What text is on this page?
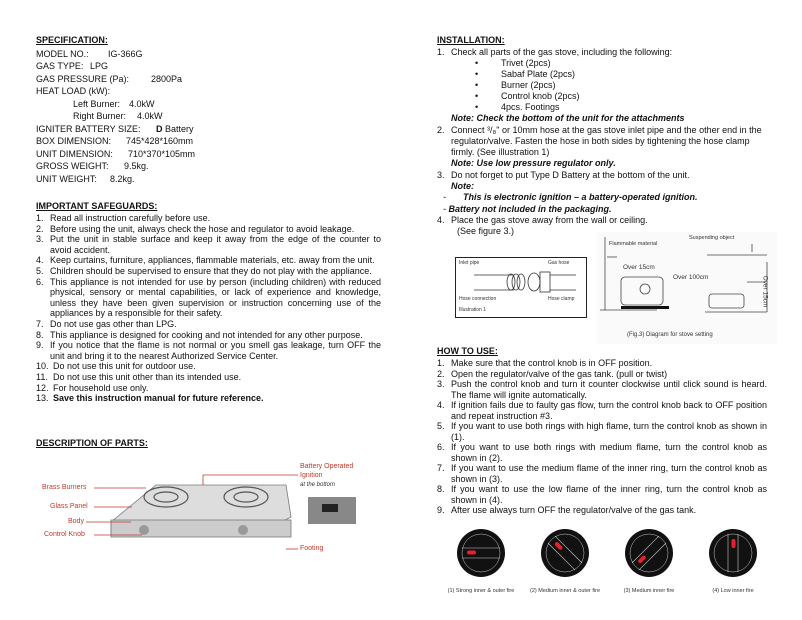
SPECIFICATION:
MODEL NO.: IG-366G
GAS TYPE: LPG
GAS PRESSURE (Pa): 2800Pa
HEAT LOAD (kW):
Left Burner: 4.0kW
Right Burner: 4.0kW
IGNITER BATTERY SIZE: D Battery
BOX DIMENSION: 745*428*160mm
UNIT DIMENSION: 710*370*105mm
GROSS WEIGHT: 9.5kg.
UNIT WEIGHT: 8.2kg.
IMPORTANT SAFEGUARDS:
1. Read all instruction carefully before use.
2. Before using the unit, always check the hose and regulator to avoid leakage.
3. Put the unit in stable surface and keep it away from the edge of the counter to avoid accident.
4. Keep curtains, furniture, appliances, flammable materials, etc. away from the unit.
5. Children should be supervised to ensure that they do not play with the appliance.
6. This appliance is not intended for use by person (including children) with reduced physical, sensory or mental capabilities, or lack of experience and knowledge, unless they have been given supervision or instruction concerning use of the appliances by a responsible for their safety.
7. Do not use gas other than LPG.
8. This appliance is designed for cooking and not intended for any other purpose.
9. If you notice that the flame is not normal or you smell gas leakage, turn OFF the unit and bring it to the nearest Authorized Service Center.
10. Do not use this unit for outdoor use.
11. Do not use this unit other than its intended use.
12. For household use only.
13. Save this instruction manual for future reference.
DESCRIPTION OF PARTS:
Brass Burners
Glass Panel
Body
Control Knob
Battery Operated
Ignition
at the bottom
Footing
INSTALLATION:
1. Check all parts of the gas stove, including the following:
•	Trivet (2pcs)
•	Sabaf Plate (2pcs)
•	Burner (2pcs)
•	Control knob (2pcs)
•	4pcs. Footings
Note: Check the bottom of the unit for the attachments
2. Connect ³/₈" or 10mm hose at the gas stove inlet pipe and the other end in the regulator/valve. Fasten the hose in both sides by tightening the hose clamp firmly. (See illustration 1)
Note: Use low pressure regulator only.
3. Do not forget to put Type D Battery at the bottom of the unit.
Note:
- This is electronic ignition – a battery-operated ignition.
- Battery not included in the packaging.
4. Place the gas stove away from the wall or ceiling.
(See figure 3.)
Inlet pipe	Gas hose
Hose connection	Hose clamp
Illustration 1
Flammable material
Suspending object
Over 15cm
Over 100cm	Over 15cm
(Fig.3) Diagram for stove setting
HOW TO USE:
1. Make sure that the control knob is in OFF position.
2. Open the regulator/valve of the gas tank. (pull or twist)
3. Push the control knob and turn it counter clockwise until click sound is heard. The flame will ignite automatically.
4. If ignition fails due to faulty gas flow, turn the control knob back to OFF position and repeat instruction #3.
5. If you want to use both rings with high flame, turn the control knob as shown in (1).
6. If you want to use both rings with medium flame, turn the control knob as shown in (2).
7. If you want to use the medium flame of the inner ring, turn the control knob as shown in (3).
8. If you want to use the low flame of the inner ring, turn the control knob as shown in (4).
9. After use always turn OFF the regulator/valve of the gas tank.
(1) Strong inner & outer fire	(2) Medium inner & outer fire	(3) Medium inner fire	(4) Low inner fire
